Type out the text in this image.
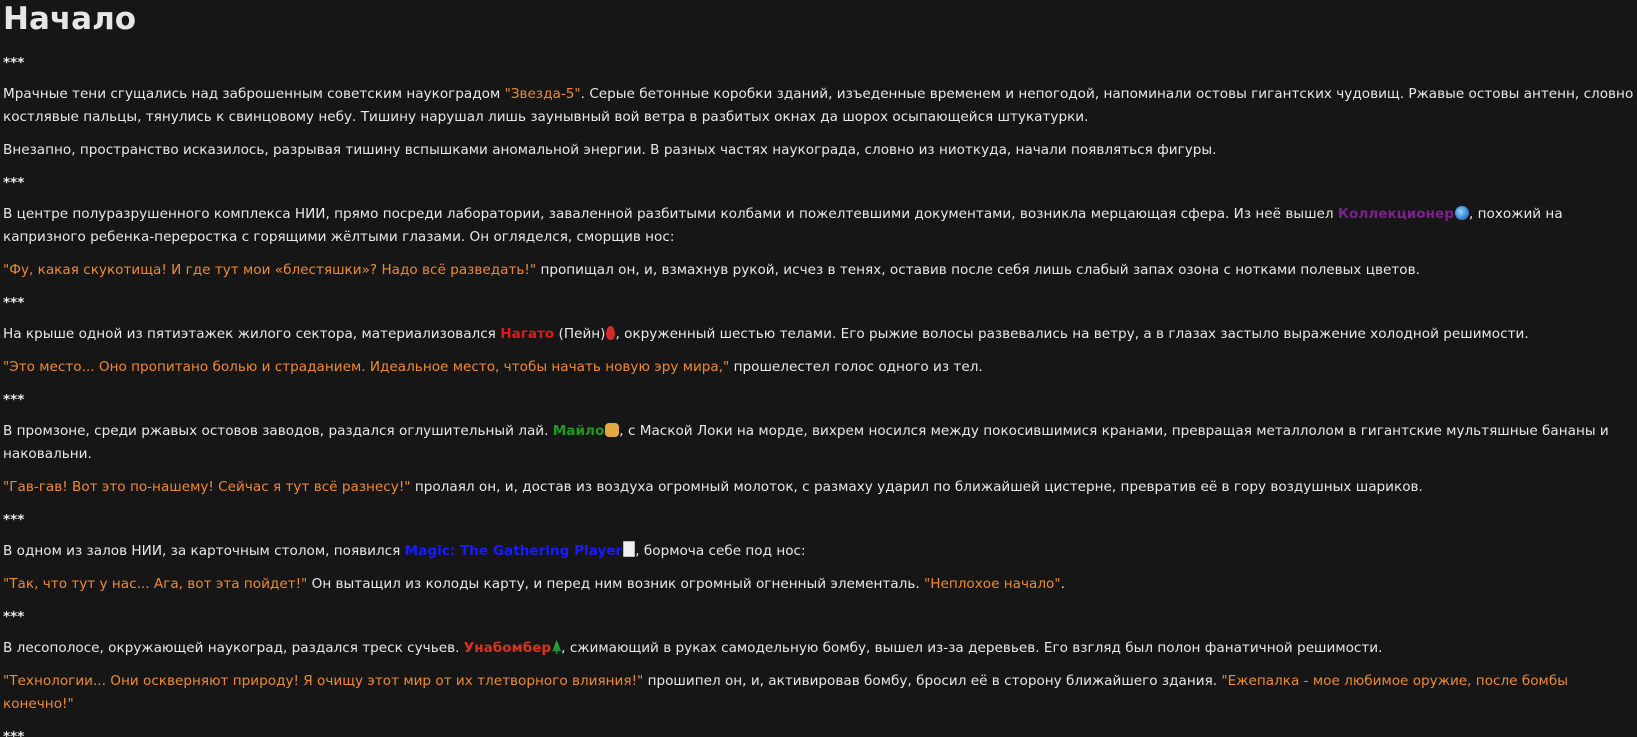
Начало

***

Мрачные тени сгущались над заброшенным советским наукоградом "Звезда-5". Серые бетонные коробки зданий, изъеденные временем и непогодой, напоминали остовы гигантских чудовищ. Ржавые остовы антенн, словно костлявые пальцы, тянулись к свинцовому небу. Тишину нарушал лишь заунывный вой ветра в разбитых окнах да шорох осыпающейся штукатурки.

Внезапно, пространство исказилось, разрывая тишину вспышками аномальной энергии. В разных частях наукограда, словно из ниоткуда, начали появляться фигуры.

***

В центре полуразрушенного комплекса НИИ, прямо посреди лаборатории, заваленной разбитыми колбами и пожелтевшими документами, возникла мерцающая сфера. Из неё вышел Коллекционер , похожий на капризного ребенка-переростка с горящими жёлтыми глазами. Он огляделся, сморщив нос:

"Фу, какая скукотища! И где тут мои «блестяшки»? Надо всё разведать!" пропищал он, и, взмахнув рукой, исчез в тенях, оставив после себя лишь слабый запах озона с нотками полевых цветов.

***

На крыше одной из пятиэтажек жилого сектора, материализовался Нагато (Пейн) , окруженный шестью телами. Его рыжие волосы развевались на ветру, а в глазах застыло выражение холодной решимости.

"Это место... Оно пропитано болью и страданием. Идеальное место, чтобы начать новую эру мира," прошелестел голос одного из тел.

***

В промзоне, среди ржавых остовов заводов, раздался оглушительный лай. Майло , с Маской Локи на морде, вихрем носился между покосившимися кранами, превращая металлолом в гигантские мультяшные бананы и наковальни.

"Гав-гав! Вот это по-нашему! Сейчас я тут всё разнесу!" пролаял он, и, достав из воздуха огромный молоток, с размаху ударил по ближайшей цистерне, превратив её в гору воздушных шариков.

***

В одном из залов НИИ, за карточным столом, появился Magic: The Gathering Player , бормоча себе под нос:

"Так, что тут у нас... Ага, вот эта пойдет!" Он вытащил из колоды карту, и перед ним возник огромный огненный элементаль. "Неплохое начало".

***

В лесополосе, окружающей наукоград, раздался треск сучьев. Унабомбер , сжимающий в руках самодельную бомбу, вышел из-за деревьев. Его взгляд был полон фанатичной решимости.

"Технологии... Они оскверняют природу! Я очищу этот мир от их тлетворного влияния!" прошипел он, и, активировав бомбу, бросил её в сторону ближайшего здания. "Ежепалка - мое любимое оружие, после бомбы конечно!"

***
